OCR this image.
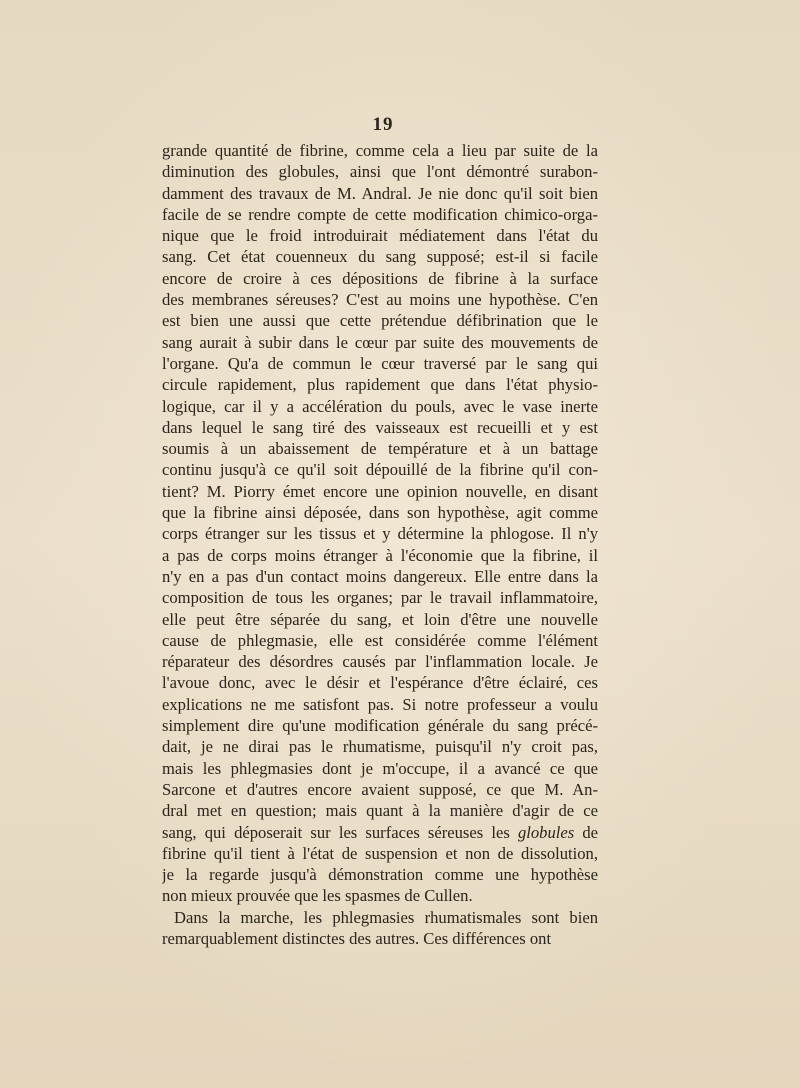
19
grande quantité de fibrine, comme cela a lieu par suite de la
diminution des globules, ainsi que l'ont démontré surabon-
damment des travaux de M. Andral. Je nie donc qu'il soit bien
facile de se rendre compte de cette modification chimico-orga-
nique que le froid introduirait médiatement dans l'état du
sang. Cet état couenneux du sang supposé; est-il si facile
encore de croire à ces dépositions de fibrine à la surface
des membranes séreuses? C'est au moins une hypothèse. C'en
est bien une aussi que cette prétendue défibrination que le
sang aurait à subir dans le cœur par suite des mouvements de
l'organe. Qu'a de commun le cœur traversé par le sang qui
circule rapidement, plus rapidement que dans l'état physio-
logique, car il y a accélération du pouls, avec le vase inerte
dans lequel le sang tiré des vaisseaux est recueilli et y est
soumis à un abaissement de température et à un battage
continu jusqu'à ce qu'il soit dépouillé de la fibrine qu'il con-
tient? M. Piorry émet encore une opinion nouvelle, en disant
que la fibrine ainsi déposée, dans son hypothèse, agit comme
corps étranger sur les tissus et y détermine la phlogose. Il n'y
a pas de corps moins étranger à l'économie que la fibrine, il
n'y en a pas d'un contact moins dangereux. Elle entre dans la
composition de tous les organes; par le travail inflammatoire,
elle peut être séparée du sang, et loin d'être une nouvelle
cause de phlegmasie, elle est considérée comme l'élément
réparateur des désordres causés par l'inflammation locale. Je
l'avoue donc, avec le désir et l'espérance d'être éclairé, ces
explications ne me satisfont pas. Si notre professeur a voulu
simplement dire qu'une modification générale du sang précé-
dait, je ne dirai pas le rhumatisme, puisqu'il n'y croit pas,
mais les phlegmasies dont je m'occupe, il a avancé ce que
Sarcone et d'autres encore avaient supposé, ce que M. An-
dral met en question; mais quant à la manière d'agir de ce
sang, qui déposerait sur les surfaces séreuses les globules de
fibrine qu'il tient à l'état de suspension et non de dissolution,
je la regarde jusqu'à démonstration comme une hypothèse
non mieux prouvée que les spasmes de Cullen.
Dans la marche, les phlegmasies rhumatismales sont bien
remarquablement distinctes des autres. Ces différences ont
